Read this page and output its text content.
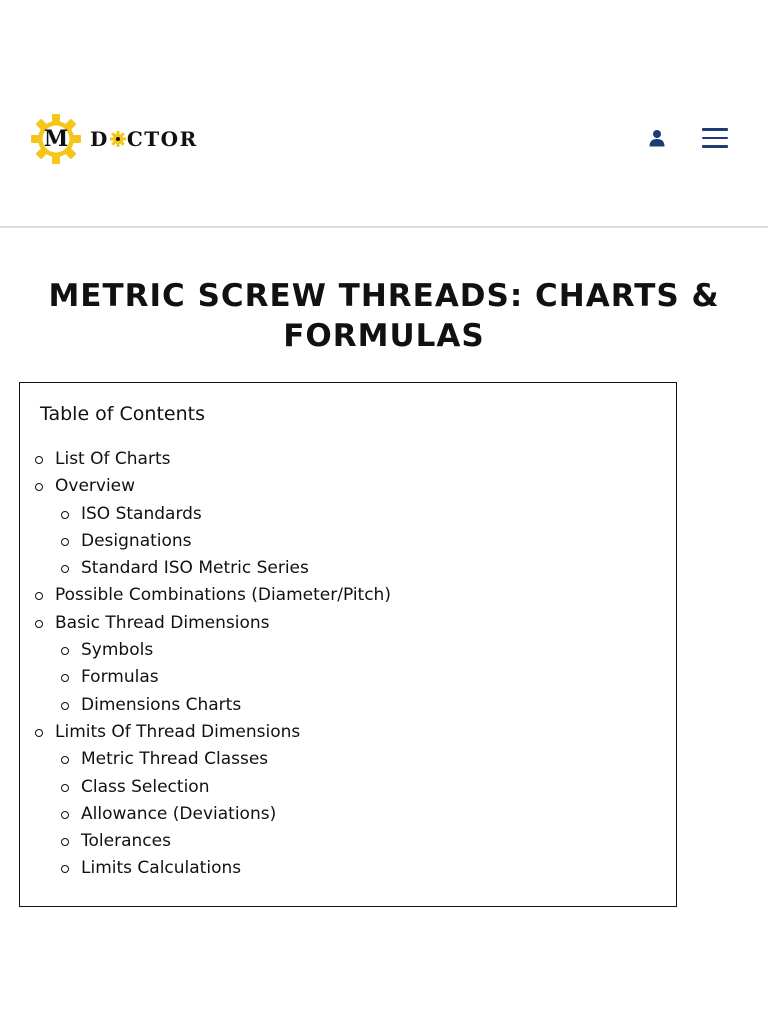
M	D CTOR
METRIC SCREW THREADS: CHARTS &
FORMULAS
Table of Contents
List Of Charts
Overview
ISO Standards
Designations
Standard ISO Metric Series
Possible Combinations (Diameter/Pitch)
Basic Thread Dimensions
Symbols
Formulas
Dimensions Charts
Limits Of Thread Dimensions
Metric Thread Classes
Class Selection
Allowance (Deviations)
Tolerances
Limits Calculations
